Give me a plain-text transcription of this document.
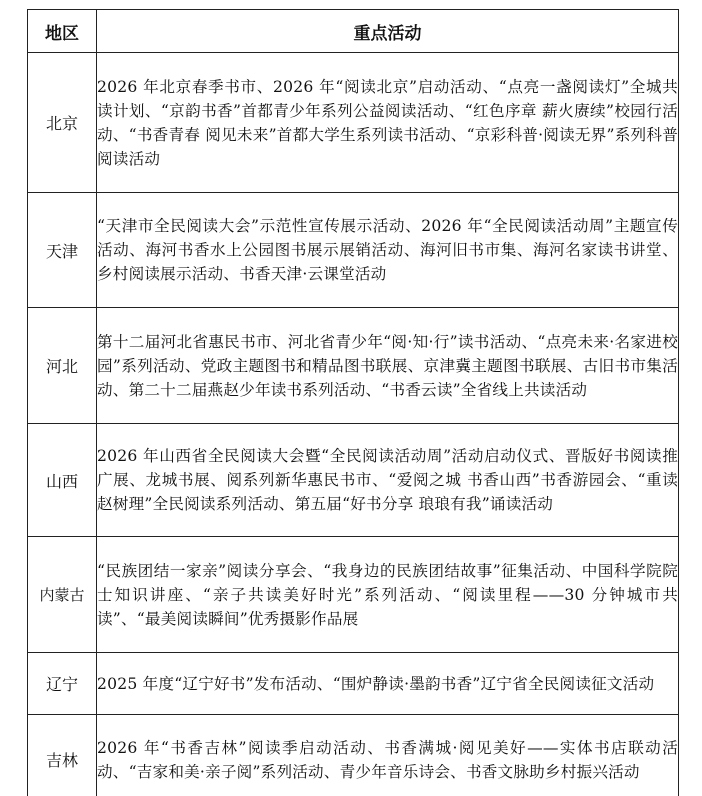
地区	重点活动
北京	2026 年北京春季书市、2026 年“阅读北京”启动活动、“点亮一盏阅读灯”全城共读计划、“京韵书香”首都青少年系列公益阅读活动、“红色序章 薪火赓续”校园行活动、“书香青春 阅见未来”首都大学生系列读书活动、“京彩科普·阅读无界”系列科普阅读活动
天津	“天津市全民阅读大会”示范性宣传展示活动、2026 年“全民阅读活动周”主题宣传活动、海河书香水上公园图书展示展销活动、海河旧书市集、海河名家读书讲堂、乡村阅读展示活动、书香天津·云课堂活动
河北	第十二届河北省惠民书市、河北省青少年“阅·知·行”读书活动、“点亮未来·名家进校园”系列活动、党政主题图书和精品图书联展、京津冀主题图书联展、古旧书市集活动、第二十二届燕赵少年读书系列活动、“书香云读”全省线上共读活动
山西	2026 年山西省全民阅读大会暨“全民阅读活动周”活动启动仪式、晋版好书阅读推广展、龙城书展、阅系列新华惠民书市、“爱阅之城 书香山西”书香游园会、“重读赵树理”全民阅读系列活动、第五届“好书分享 琅琅有我”诵读活动
内蒙古	“民族团结一家亲”阅读分享会、“我身边的民族团结故事”征集活动、中国科学院院士知识讲座、“亲子共读美好时光”系列活动、“阅读里程——30 分钟城市共读”、“最美阅读瞬间”优秀摄影作品展
辽宁	2025 年度“辽宁好书”发布活动、“围炉静读·墨韵书香”辽宁省全民阅读征文活动
吉林	2026 年“书香吉林”阅读季启动活动、书香满城·阅见美好——实体书店联动活动、“吉家和美·亲子阅”系列活动、青少年音乐诗会、书香文脉助乡村振兴活动
